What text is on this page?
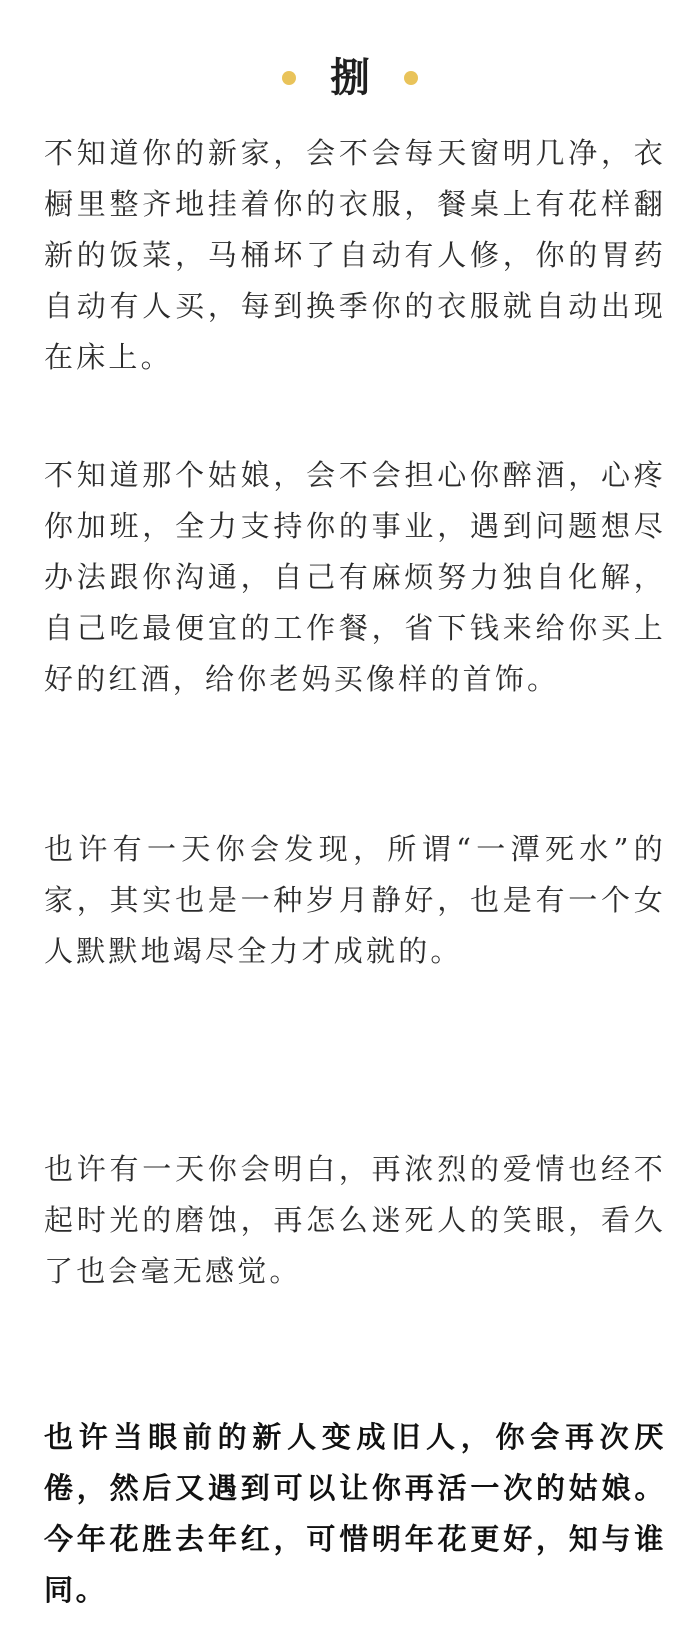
捌

不知道你的新家，会不会每天窗明几净，衣橱里整齐地挂着你的衣服，餐桌上有花样翻新的饭菜，马桶坏了自动有人修，你的胃药自动有人买，每到换季你的衣服就自动出现在床上。

不知道那个姑娘，会不会担心你醉酒，心疼你加班，全力支持你的事业，遇到问题想尽办法跟你沟通，自己有麻烦努力独自化解，自己吃最便宜的工作餐，省下钱来给你买上好的红酒，给你老妈买像样的首饰。

也许有一天你会发现，所谓“一潭死水”的家，其实也是一种岁月静好，也是有一个女人默默地竭尽全力才成就的。

也许有一天你会明白，再浓烈的爱情也经不起时光的磨蚀，再怎么迷死人的笑眼，看久了也会毫无感觉。

也许当眼前的新人变成旧人，你会再次厌倦，然后又遇到可以让你再活一次的姑娘。今年花胜去年红，可惜明年花更好，知与谁同。
